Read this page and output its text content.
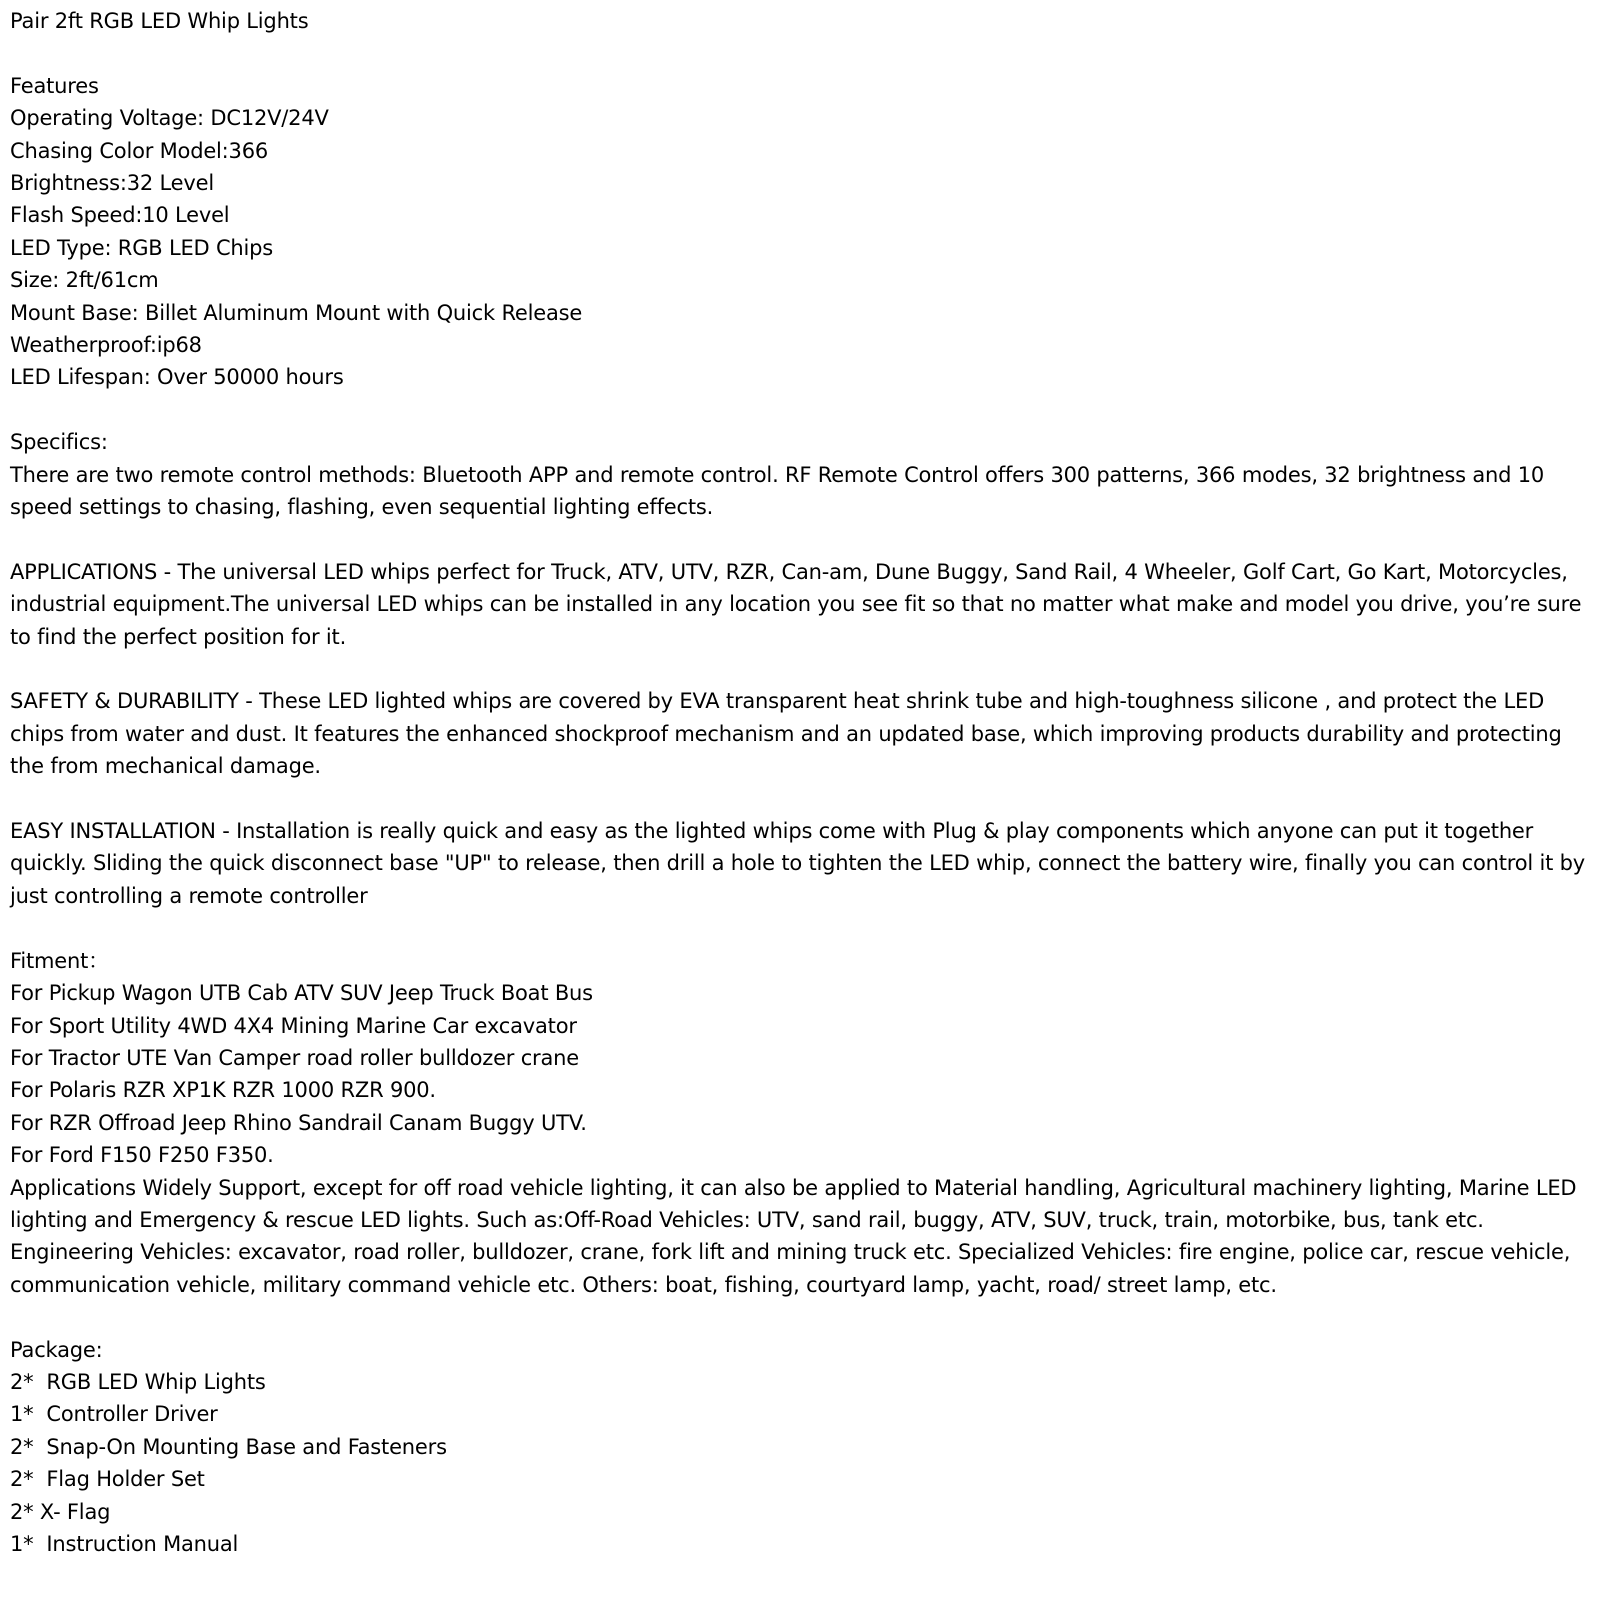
Pair 2ft RGB LED Whip Lights
Features
Operating Voltage: DC12V/24V
Chasing Color Model:366
Brightness:32 Level
Flash Speed:10 Level
LED Type: RGB LED Chips
Size: 2ft/61cm
Mount Base: Billet Aluminum Mount with Quick Release
Weatherproof:ip68
LED Lifespan: Over 50000 hours
Specifics:
There are two remote control methods: Bluetooth APP and remote control. RF Remote Control offers 300 patterns, 366 modes, 32 brightness and 10 speed settings to chasing, flashing, even sequential lighting effects.
APPLICATIONS - The universal LED whips perfect for Truck, ATV, UTV, RZR, Can-am, Dune Buggy, Sand Rail, 4 Wheeler, Golf Cart, Go Kart, Motorcycles, industrial equipment.The universal LED whips can be installed in any location you see fit so that no matter what make and model you drive, you’re sure to find the perfect position for it.
SAFETY & DURABILITY - These LED lighted whips are covered by EVA transparent heat shrink tube and high-toughness silicone , and protect the LED chips from water and dust. It features the enhanced shockproof mechanism and an updated base, which improving products durability and protecting the from mechanical damage.
EASY INSTALLATION - Installation is really quick and easy as the lighted whips come with Plug & play components which anyone can put it together quickly. Sliding the quick disconnect base "UP" to release, then drill a hole to tighten the LED whip, connect the battery wire, finally you can control it by just controlling a remote controller
Fitment：
For Pickup Wagon UTB Cab ATV SUV Jeep Truck Boat Bus
For Sport Utility 4WD 4X4 Mining Marine Car excavator
For Tractor UTE Van Camper road roller bulldozer crane
For Polaris RZR XP1K RZR 1000 RZR 900.
For RZR Offroad Jeep Rhino Sandrail Canam Buggy UTV.
For Ford F150 F250 F350.
Applications Widely Support, except for off road vehicle lighting, it can also be applied to Material handling, Agricultural machinery lighting, Marine LED lighting and Emergency & rescue LED lights. Such as:Off-Road Vehicles: UTV, sand rail, buggy, ATV, SUV, truck, train, motorbike, bus, tank etc. Engineering Vehicles: excavator, road roller, bulldozer, crane, fork lift and mining truck etc. Specialized Vehicles: fire engine, police car, rescue vehicle, communication vehicle, military command vehicle etc. Others: boat, fishing, courtyard lamp, yacht, road/ street lamp, etc.
Package:
2*  RGB LED Whip Lights
1*  Controller Driver
2*  Snap-On Mounting Base and Fasteners
2*  Flag Holder Set
2* X- Flag
1*  Instruction Manual
